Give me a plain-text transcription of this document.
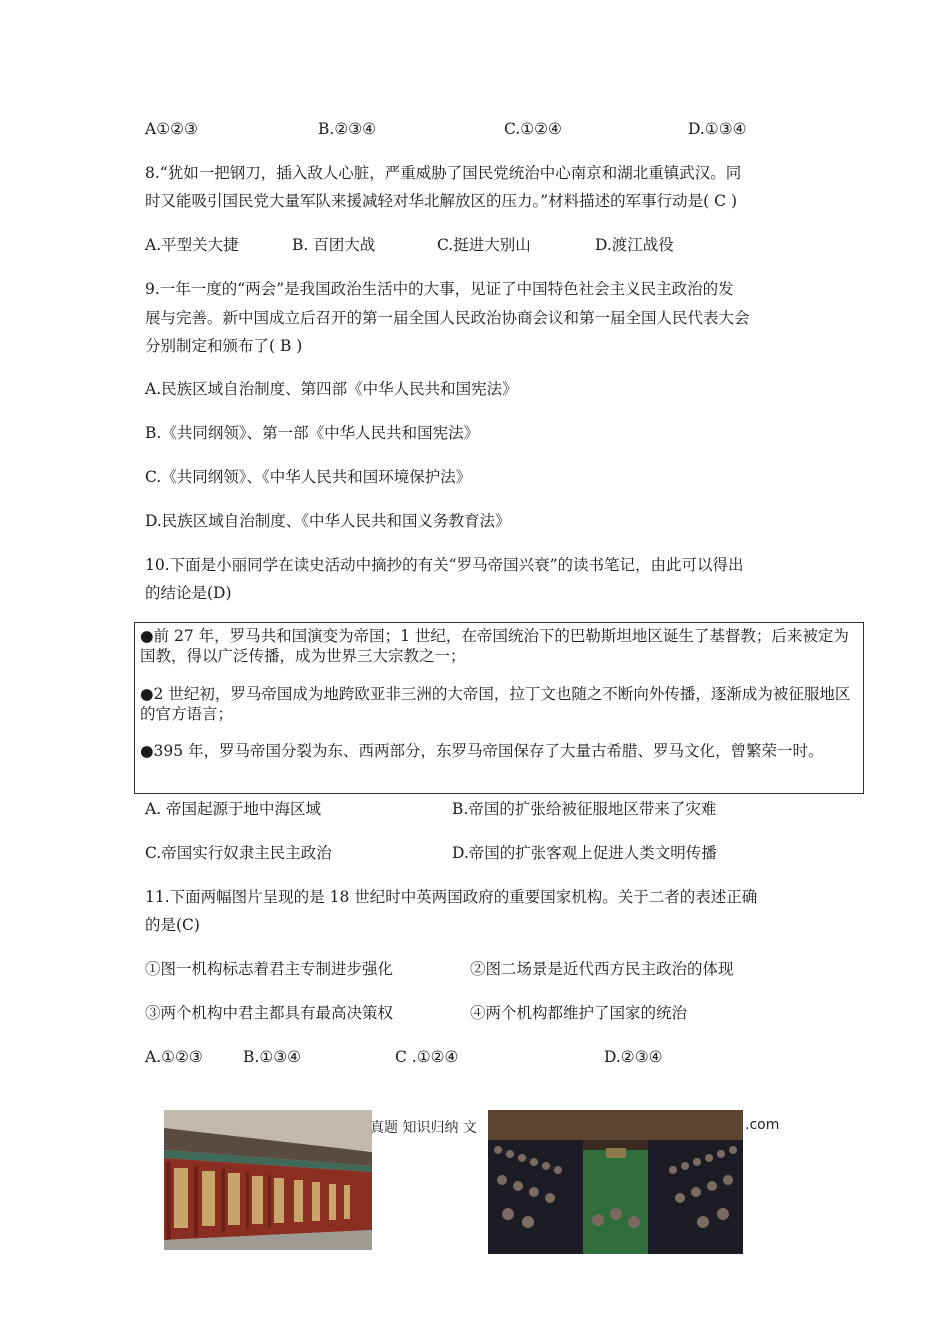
A①②③	B.②③④	C.①②④	D.①③④
8.“犹如一把钢刀，插入敌人心脏，严重威胁了国民党统治中心南京和湖北重镇武汉。同
时又能吸引国民党大量军队来援减轻对华北解放区的压力。”材料描述的军事行动是( C )
A.平型关大捷	B. 百团大战	C.挺进大别山	D.渡江战役
9.一年一度的“两会”是我国政治生活中的大事，见证了中国特色社会主义民主政治的发
展与完善。新中国成立后召开的第一届全国人民政治协商会议和第一届全国人民代表大会
分别制定和颁布了( B )
A.民族区域自治制度、第四部《中华人民共和国宪法》
B.《共同纲领》、第一部《中华人民共和国宪法》
C.《共同纲领》、《中华人民共和国环境保护法》
D.民族区域自治制度、《中华人民共和国义务教育法》
10.下面是小丽同学在读史活动中摘抄的有关“罗马帝国兴衰”的读书笔记，由此可以得出
的结论是(D)
●前 27 年，罗马共和国演变为帝国；1 世纪，在帝国统治下的巴勒斯坦地区诞生了基督教；后来被定为国教，得以广泛传播，成为世界三大宗教之一；
●2 世纪初，罗马帝国成为地跨欧亚非三洲的大帝国，拉丁文也随之不断向外传播，逐渐成为被征服地区的官方语言；
●395 年，罗马帝国分裂为东、西两部分，东罗马帝国保存了大量古希腊、罗马文化，曾繁荣一时。
A. 帝国起源于地中海区域	B.帝国的扩张给被征服地区带来了灾难
C.帝国实行奴隶主民主政治	D.帝国的扩张客观上促进人类文明传播
11.下面两幅图片呈现的是 18 世纪时中英两国政府的重要国家机构。关于二者的表述正确
的是(C)
①图一机构标志着君主专制进步强化	②图二场景是近代西方民主政治的体现
③两个机构中君主都具有最高决策权	④两个机构都维护了国家的统治
A.①②③	B.①③④	C .①②④	D.②③④
真题 知识归纳 文	.com
